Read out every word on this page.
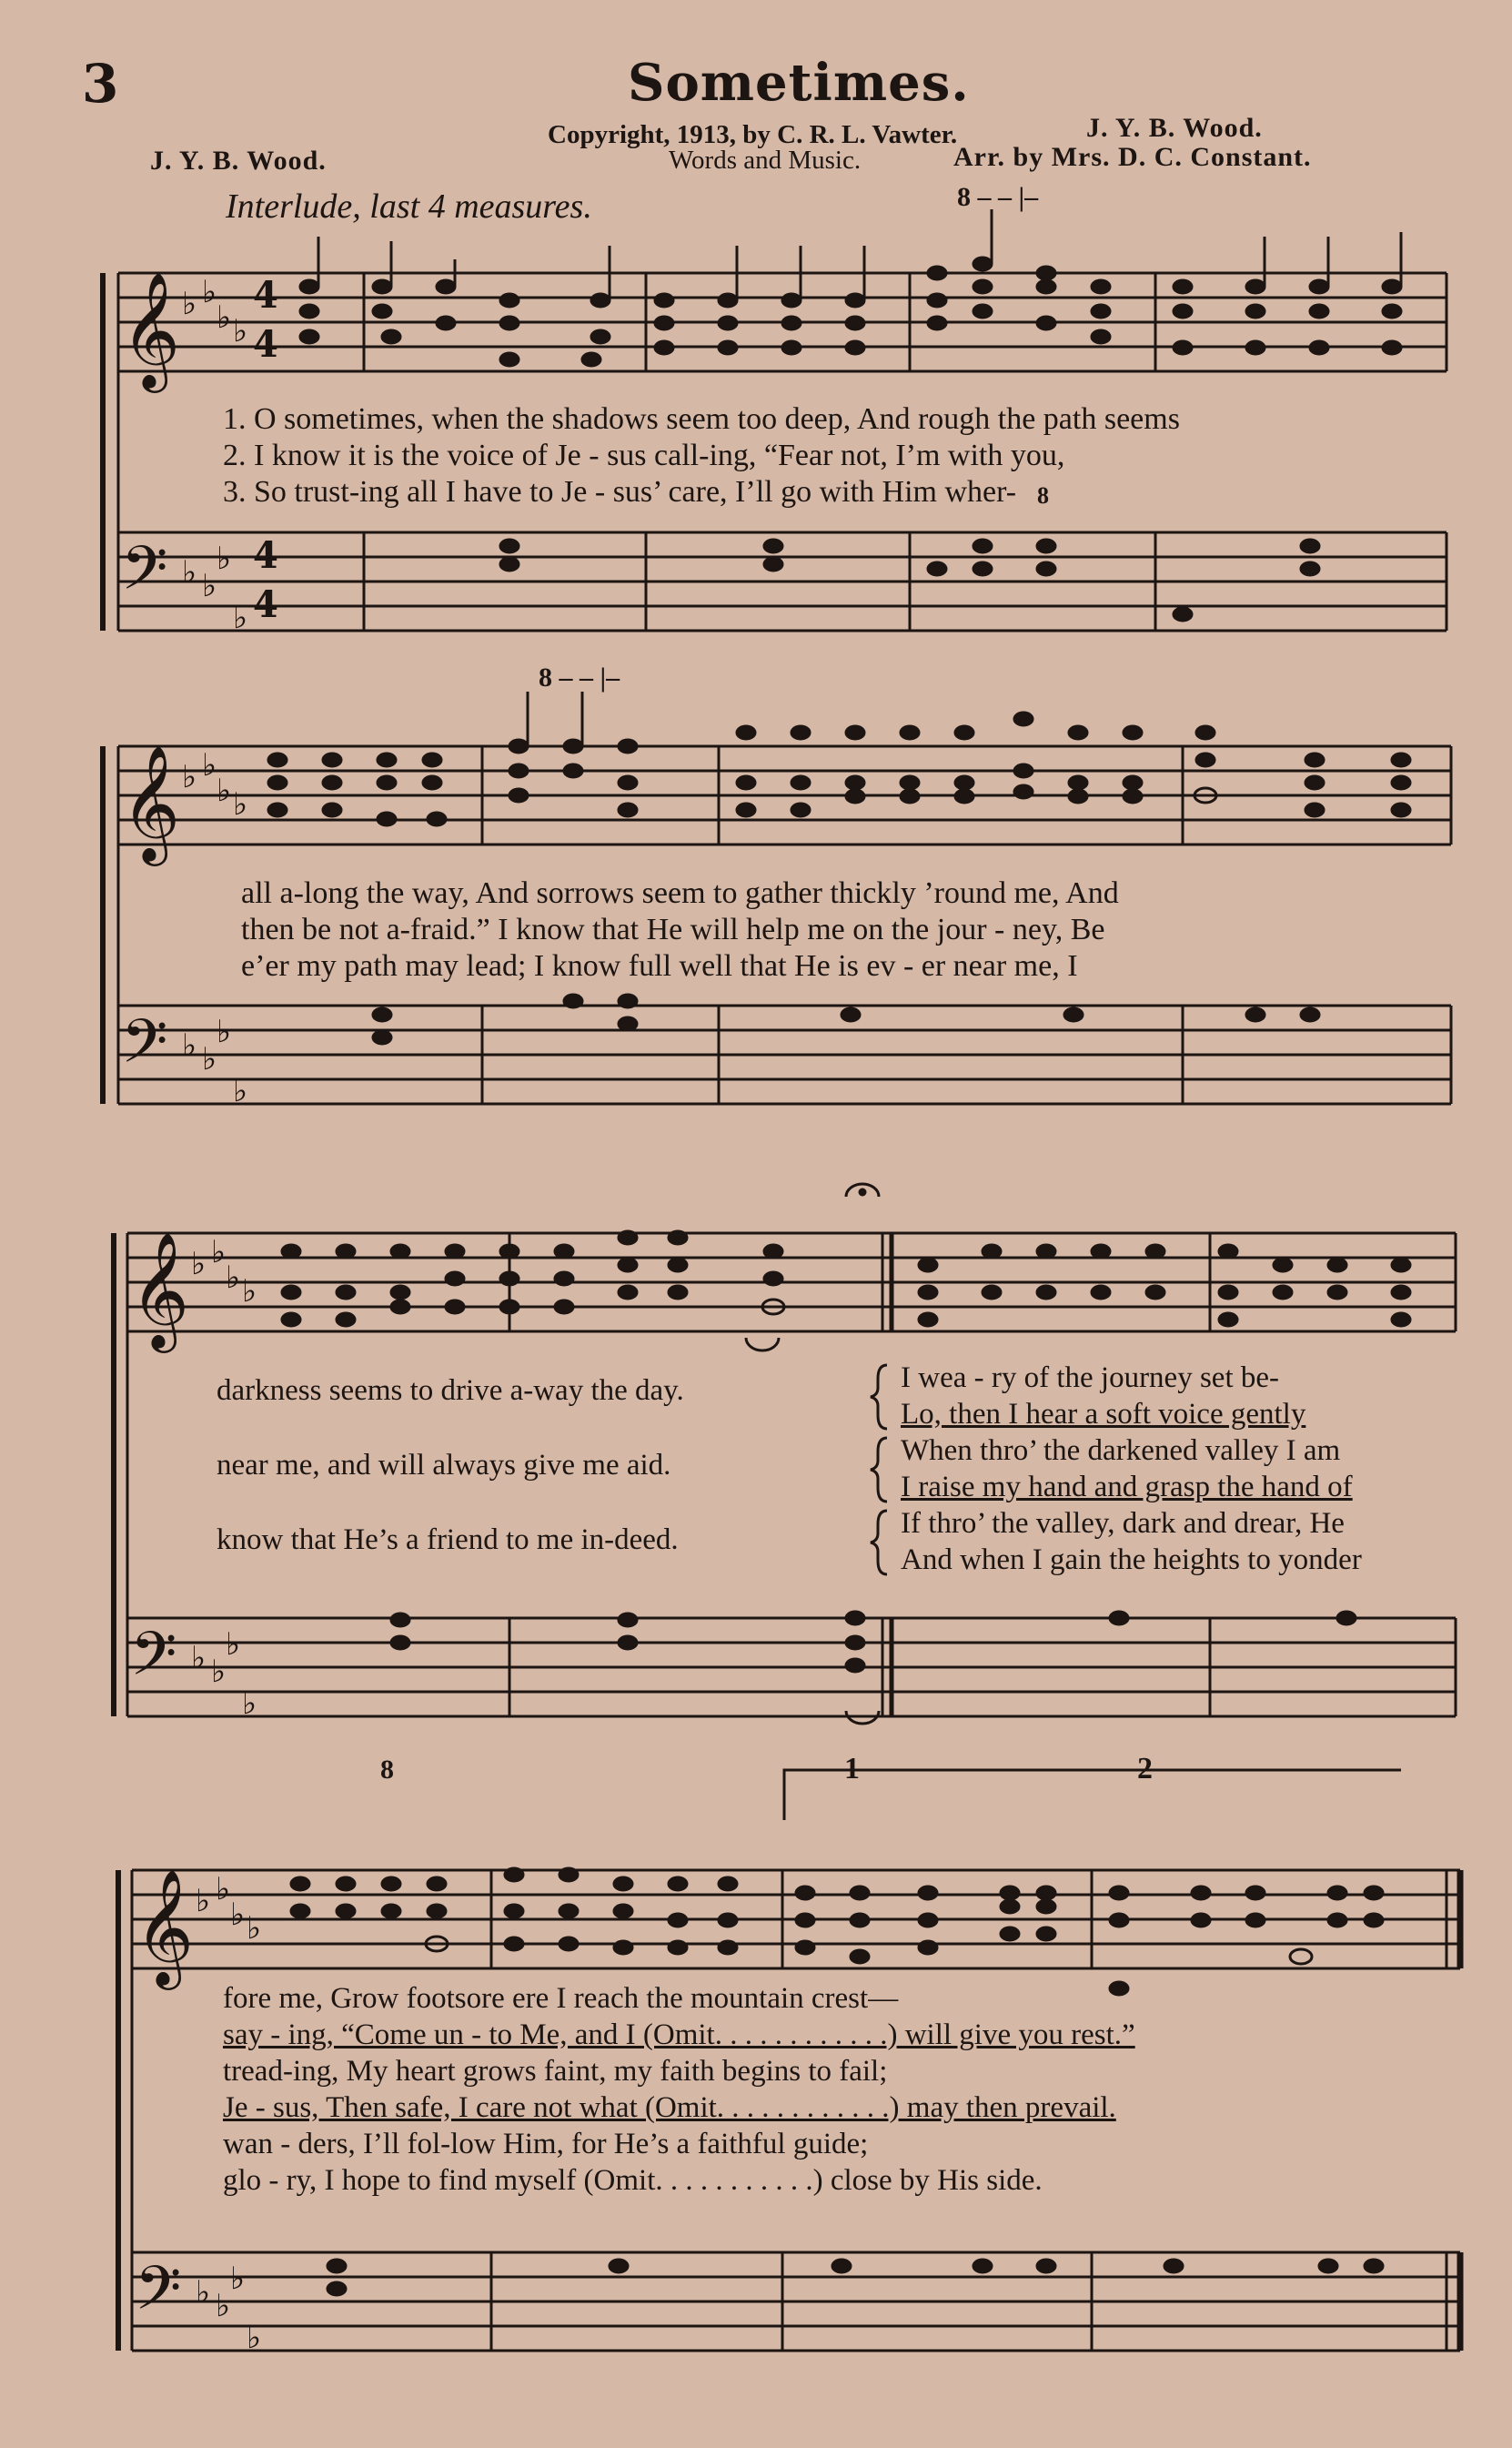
3	Sometimes.
Copyright, 1913, by C. R. L. Vawter.	J. Y. B. Wood.
Words and Music.	Arr. by Mrs. D. C. Constant.
J. Y. B. Wood.
Interlude, last 4 measures.	8 – – |–
𝄞
𝄢
𝄞
𝄢
𝄞
𝄢
𝄞
𝄢
♭ ♭
♭ ♭
♭ ♭
♭
♭
♭ ♭
♭ ♭
♭ ♭
♭
♭
♭ ♭
♭ ♭
♭ ♭
♭
♭
♭ ♭
♭ ♭
♭ ♭
♭
♭
4
4
4
4
1. O sometimes, when the shadows seem too deep, And rough the path seems
2. I know it is the voice of Je - sus call-ing, “Fear not, I’m with you,
3. So trust-ing all I have to Je - sus’ care, I’ll go with Him wher- 8
8 – – |–
all a-long the way, And sorrows seem to gather thickly ’round me, And
then be not a-fraid.” I know that He will help me on the jour - ney, Be
e’er my path may lead; I know full well that He is ev - er near me, I
darkness seems to drive a-way the day.
near me, and will always give me aid.
know that He’s a friend to me in-deed.
I wea - ry of the journey set be-
Lo, then I hear a soft voice gently
When thro’ the darkened valley I am
I raise my hand and grasp the hand of
If thro’ the valley, dark and drear, He
And when I gain the heights to yonder
8	1	2
fore me, Grow footsore ere I reach the mountain crest—
say - ing, “Come un - to Me, and I (Omit. . . . . . . . . . . .) will give you rest.”
tread-ing, My heart grows faint, my faith begins to fail;
Je - sus, Then safe, I care not what (Omit. . . . . . . . . . . .) may then prevail.
wan - ders, I’ll fol-low Him, for He’s a faithful guide;
glo - ry, I hope to find myself (Omit. . . . . . . . . . .) close by His side.
